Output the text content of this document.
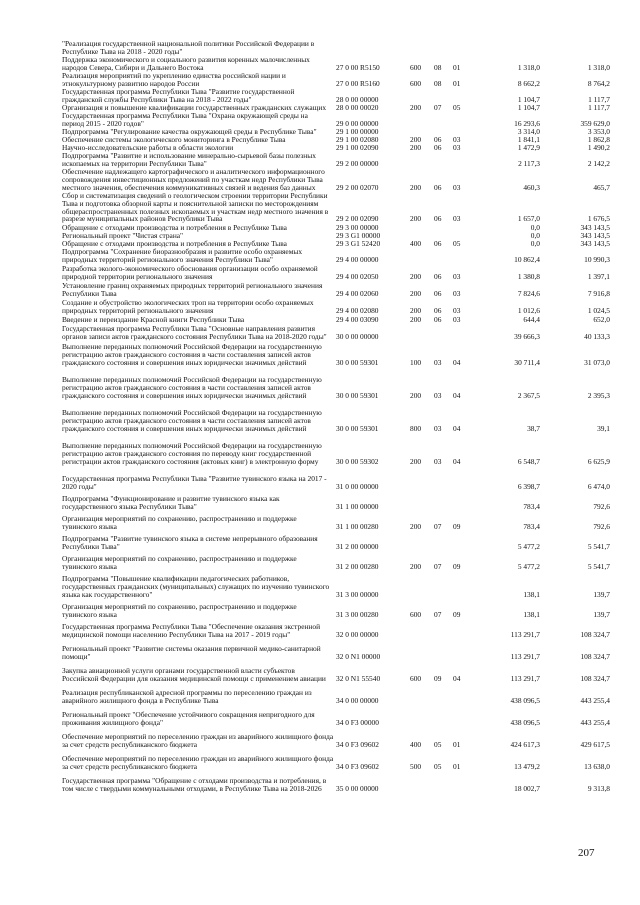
"Реализация государственной национальной политики Российской Федерации в
Республике Тыва на 2018 - 2020 годы"
Поддержка экономического и социального развития коренных малочисленных
народов Севера, Сибири и Дальнего Востока	27 0 00 R5150	600	08	01	1 318,0	1 318,0
Реализация мероприятий по укреплению единства российской нации и
этнокультурному развитию народов России	27 0 00 R5160	600	08	01	8 662,2	8 764,2
Государственная программа Республики Тыва "Развитие государственной
гражданской службы Республики Тыва на 2018 - 2022 годы"	28 0 00 00000	1 104,7	1 117,7
Организация и повышение квалификации государственных гражданских служащих	28 0 00 00020	200	07	05	1 104,7	1 117,7
Государственная программа Республики Тыва "Охрана окружающей среды на
период 2015 - 2020 годов"	29 0 00 00000	16 293,6	359 629,0
Подпрограмма "Регулирование качества окружающей среды в Республике Тыва"	29 1 00 00000	3 314,0	3 353,0
Обеспечение системы экологического мониторинга в Республике Тыва	29 1 00 02080	200	06	03	1 841,1	1 862,8
Научно-исследовательские работы в области экологии	29 1 00 02090	200	06	03	1 472,9	1 490,2
Подпрограмма "Развитие и использование минерально-сырьевой базы полезных
ископаемых на территории Республики Тыва"	29 2 00 00000	2 117,3	2 142,2
Обеспечение надлежащего картографического и аналитического информационного
сопровождения инвестиционных предложений по участкам недр Республики Тыва
местного значения, обеспечения коммуникативных связей и ведения баз данных	29 2 00 02070	200	06	03	460,3	465,7
Сбор и систематизация сведений о геологическом строении территории Республики
Тыва и подготовка обзорной карты и пояснительной записки по месторождениям
общераспространенных полезных ископаемых и участкам недр местного значения в
разрезе муниципальных районов Республики Тыва	29 2 00 02090	200	06	03	1 657,0	1 676,5
Обращение с отходами производства и потребления в Республике Тыва	29 3 00 00000	0,0	343 143,5
Региональный проект "Чистая страна"	29 3 G1 00000	0,0	343 143,5
Обращение с отходами производства и потребления в Республике Тыва	29 3 G1 52420	400	06	05	0,0	343 143,5
Подпрограмма "Сохранение биоразнообразия и развитие особо охраняемых
природных территорий регионального значения Республики Тыва"	29 4 00 00000	10 862,4	10 990,3
Разработка эколого-экономического обоснования организации особо охраняемой
природной территории регионального значения	29 4 00 02050	200	06	03	1 380,8	1 397,1
Установление границ охраняемых природных территорий регионального значения
Республики Тыва	29 4 00 02060	200	06	03	7 824,6	7 916,8
Создание и обустройство экологических троп на территории особо охраняемых
природных территорий регионального значения	29 4 00 02080	200	06	03	1 012,6	1 024,5
Введение и переиздание Красной книги Республики Тыва	29 4 00 03090	200	06	03	644,4	652,0
Государственная программа Республики Тыва "Основные направления развития
органов записи актов гражданского состояния Республики Тыва на 2018-2020 годы"	30 0 00 00000	39 666,3	40 133,3
Выполнение переданных полномочий Российской Федерации на государственную
регистрацию актов гражданского состояния в части составления записей актов
гражданского состояния и совершения иных юридически значимых действий	30 0 00 59301	100	03	04	30 711,4	31 073,0
Выполнение переданных полномочий Российской Федерации на государственную
регистрацию актов гражданского состояния в части составления записей актов
гражданского состояния и совершения иных юридически значимых действий	30 0 00 59301	200	03	04	2 367,5	2 395,3
Выполнение переданных полномочий Российской Федерации на государственную
регистрацию актов гражданского состояния в части составления записей актов
гражданского состояния и совершения иных юридически значимых действий	30 0 00 59301	800	03	04	38,7	39,1
Выполнение переданных полномочий Российской Федерации на государственную
регистрацию актов гражданского состояния по переводу книг государственной
регистрации актов гражданского состояния (актовых книг) в электронную форму	30 0 00 59302	200	03	04	6 548,7	6 625,9
Государственная программа Республики Тыва "Развитие тувинского языка на 2017 -
2020 годы"	31 0 00 00000	6 398,7	6 474,0
Подпрограмма "Функционирование и развитие тувинского языка как
государственного языка Республики Тыва"	31 1 00 00000	783,4	792,6
Организация мероприятий по сохранению, распространению и поддержке
тувинского языка	31 1 00 00280	200	07	09	783,4	792,6
Подпрограмма "Развитие тувинского языка в системе непрерывного образования
Республики Тыва"	31 2 00 00000	5 477,2	5 541,7
Организация мероприятий по сохранению, распространению и поддержке
тувинского языка	31 2 00 00280	200	07	09	5 477,2	5 541,7
Подпрограмма "Повышение квалификации педагогических работников,
государственных гражданских (муниципальных) служащих по изучению тувинского
языка как государственного"	31 3 00 00000	138,1	139,7
Организация мероприятий по сохранению, распространению и поддержке
тувинского языка	31 3 00 00280	600	07	09	138,1	139,7
Государственная программа Республики Тыва "Обеспечение оказания экстренной
медицинской помощи населению Республики Тыва на 2017 - 2019 годы"	32 0 00 00000	113 291,7	108 324,7
Региональный проект "Развитие системы оказания первичной медико-санитарной
помощи"	32 0 N1 00000	113 291,7	108 324,7
Закупка авиационной услуги органами государственной власти субъектов
Российской Федерации для оказания медицинской помощи с применением авиации	32 0 N1 55540	600	09	04	113 291,7	108 324,7
Реализация республиканской адресной программы по переселению граждан из
аварийного жилищного фонда в Республике Тыва	34 0 00 00000	438 096,5	443 255,4
Региональный проект "Обеспечение устойчивого сокращения непригодного для
проживания жилищного фонда"	34 0 F3 00000	438 096,5	443 255,4
Обеспечение мероприятий по переселению граждан из аварийного жилищного фонда
за счет средств республиканского бюджета	34 0 F3 09602	400	05	01	424 617,3	429 617,5
Обеспечение мероприятий по переселению граждан из аварийного жилищного фонда
за счет средств республиканского бюджета	34 0 F3 09602	500	05	01	13 479,2	13 638,0
Государственная программа "Обращение с отходами производства и потребления, в
том числе с твердыми коммунальными отходами, в Республике Тыва на 2018-2026	35 0 00 00000	18 002,7	9 313,8
207
